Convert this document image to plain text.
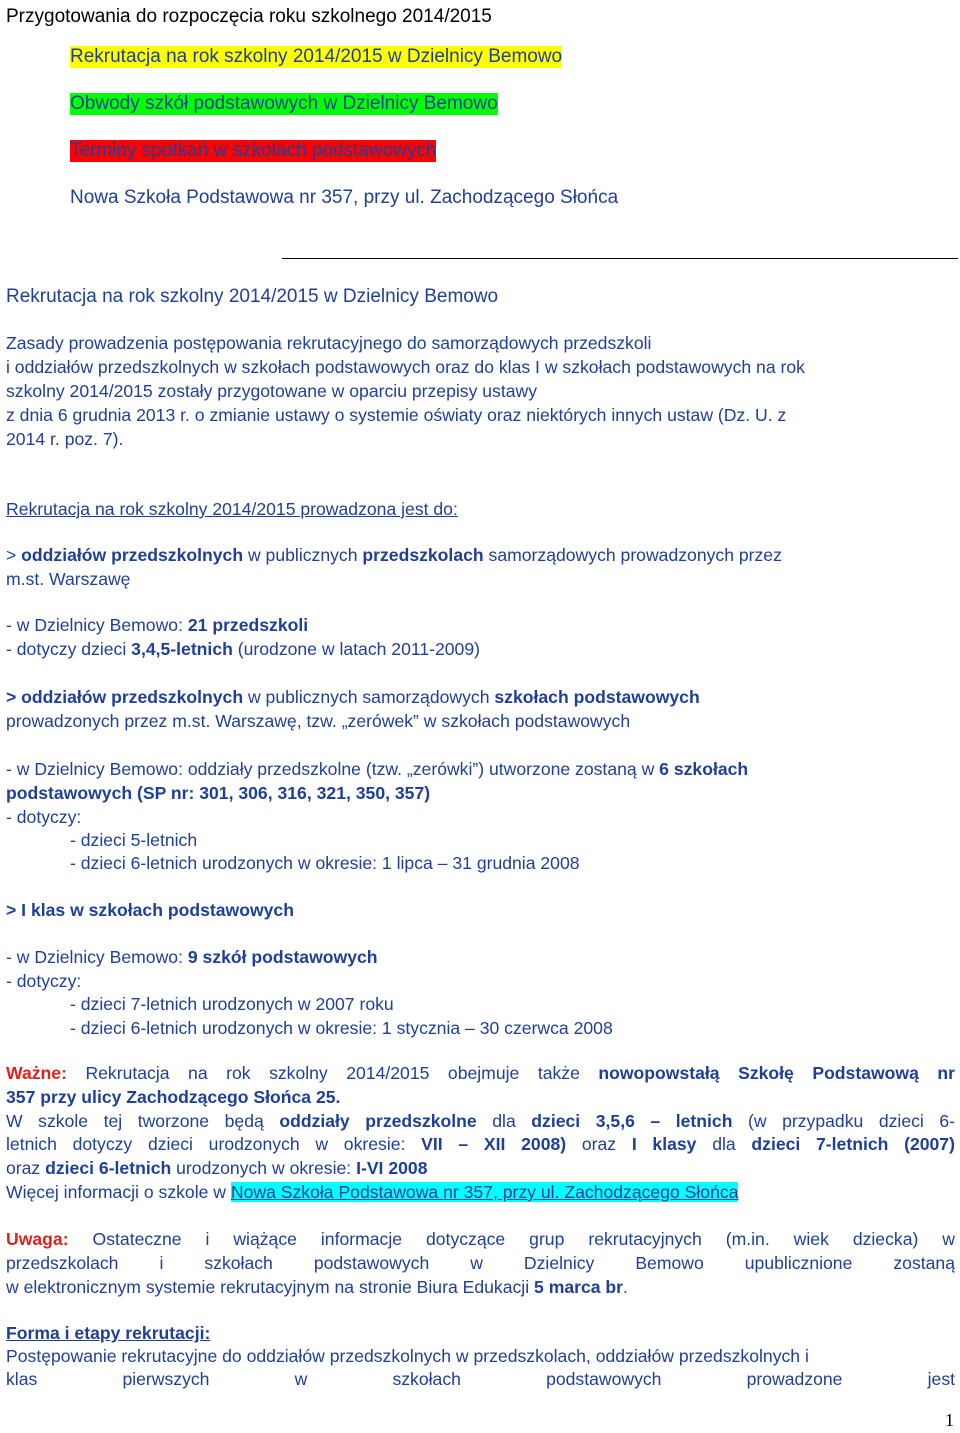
Przygotowania do rozpoczęcia roku szkolnego 2014/2015
Rekrutacja na rok szkolny 2014/2015 w Dzielnicy Bemowo
Obwody szkół podstawowych w Dzielnicy Bemowo
Terminy spotkań w szkołach podstawowych
Nowa Szkoła Podstawowa nr 357, przy ul. Zachodzącego Słońca
Rekrutacja na rok szkolny 2014/2015 w Dzielnicy Bemowo
Zasady prowadzenia postępowania rekrutacyjnego do samorządowych przedszkoli
i oddziałów przedszkolnych w szkołach podstawowych oraz do klas I w szkołach podstawowych na rok
szkolny 2014/2015 zostały przygotowane w oparciu przepisy ustawy
z dnia 6 grudnia 2013 r. o zmianie ustawy o systemie oświaty oraz niektórych innych ustaw (Dz. U. z
2014 r. poz. 7).
Rekrutacja na rok szkolny 2014/2015 prowadzona jest do:
> oddziałów przedszkolnych w publicznych przedszkolach samorządowych prowadzonych przez
m.st. Warszawę
- w Dzielnicy Bemowo: 21 przedszkoli
- dotyczy dzieci 3,4,5-letnich (urodzone w latach 2011-2009)
> oddziałów przedszkolnych w publicznych samorządowych szkołach podstawowych
prowadzonych przez m.st. Warszawę, tzw. „zerówek” w szkołach podstawowych
- w Dzielnicy Bemowo: oddziały przedszkolne (tzw. „zerówki”) utworzone zostaną w 6 szkołach
podstawowych (SP nr: 301, 306, 316, 321, 350, 357)
- dotyczy:
- dzieci 5-letnich
- dzieci 6-letnich urodzonych w okresie: 1 lipca – 31 grudnia 2008
> I klas w szkołach podstawowych
- w Dzielnicy Bemowo: 9 szkół podstawowych
- dotyczy:
- dzieci 7-letnich urodzonych w 2007 roku
- dzieci 6-letnich urodzonych w okresie: 1 stycznia – 30 czerwca 2008
Ważne: Rekrutacja na rok szkolny 2014/2015 obejmuje także nowopowstałą Szkołę Podstawową nr
357 przy ulicy Zachodzącego Słońca 25.
W szkole tej tworzone będą oddziały przedszkolne dla dzieci 3,5,6 – letnich (w przypadku dzieci 6-
letnich dotyczy dzieci urodzonych w okresie: VII – XII 2008) oraz I klasy dla dzieci 7-letnich (2007)
oraz dzieci 6-letnich urodzonych w okresie: I-VI 2008
Więcej informacji o szkole w Nowa Szkoła Podstawowa nr 357, przy ul. Zachodzącego Słońca
Uwaga: Ostateczne i wiążące informacje dotyczące grup rekrutacyjnych (m.in. wiek dziecka) w
przedszkolach i szkołach podstawowych w Dzielnicy Bemowo upublicznione zostaną
w elektronicznym systemie rekrutacyjnym na stronie Biura Edukacji 5 marca br.
Forma i etapy rekrutacji:
Postępowanie rekrutacyjne do oddziałów przedszkolnych w przedszkolach, oddziałów przedszkolnych i
klas pierwszych w szkołach podstawowych prowadzone jest
1
